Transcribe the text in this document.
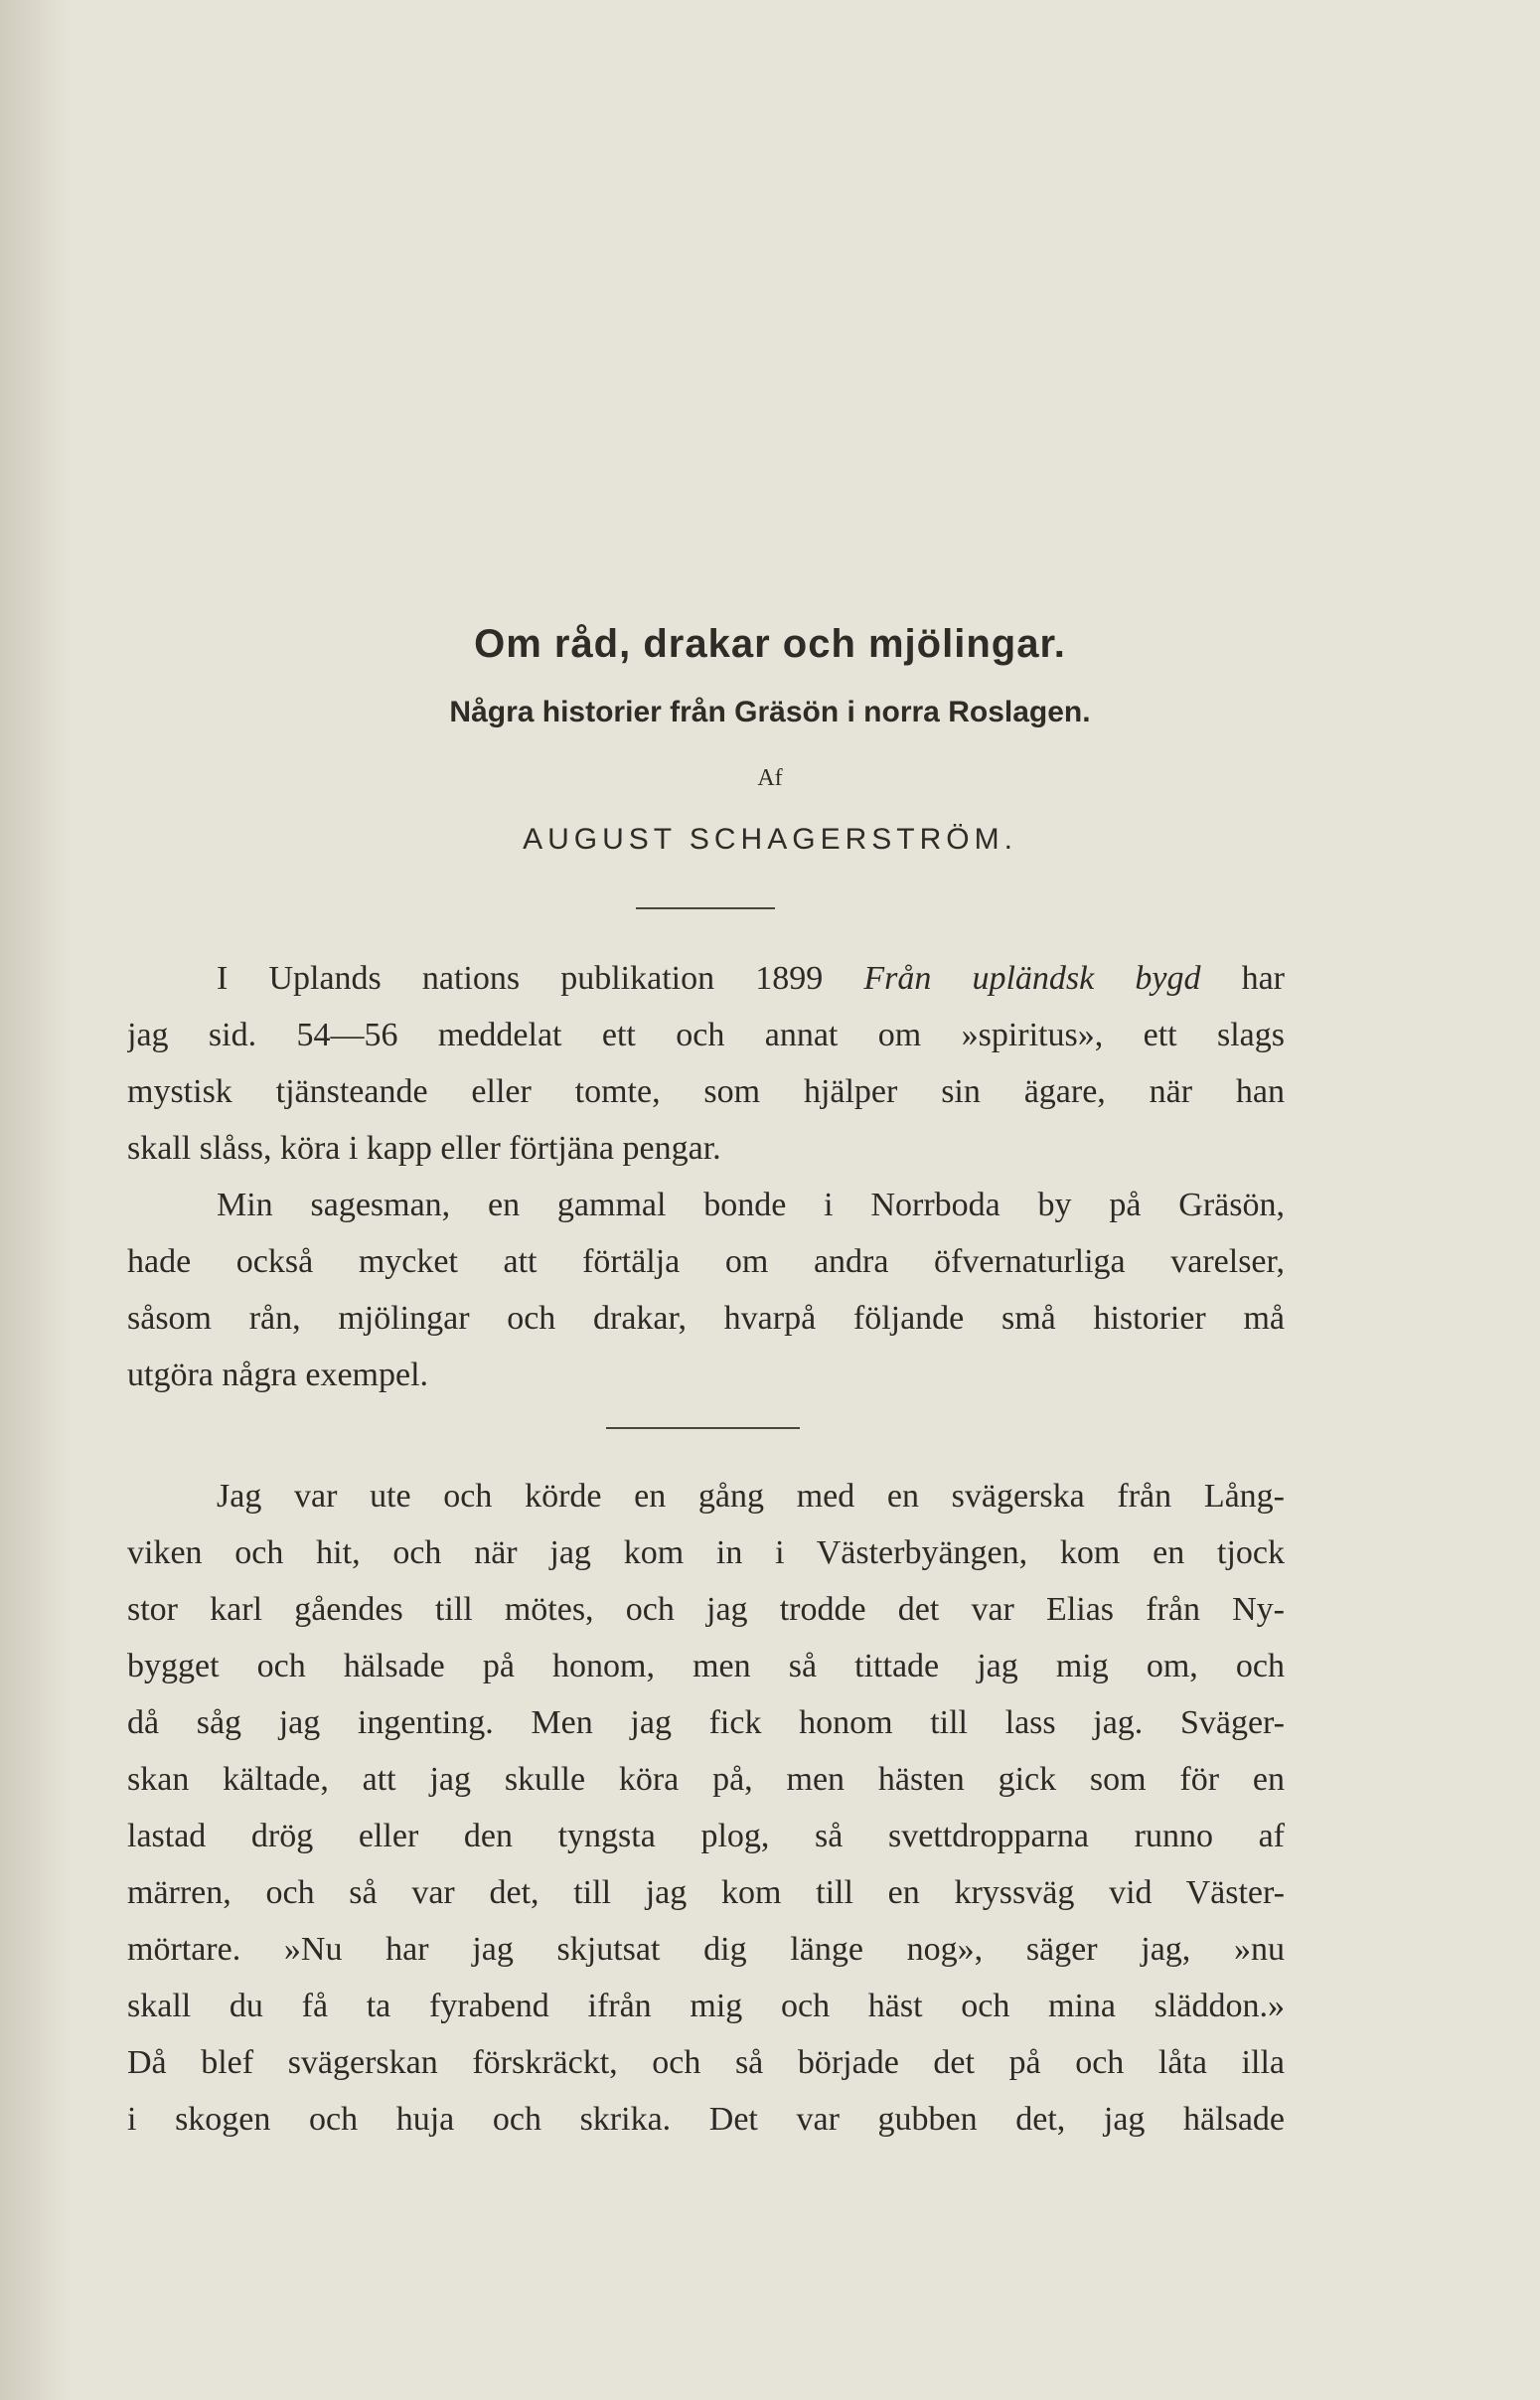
Om råd, drakar och mjölingar.
Några historier från Gräsön i norra Roslagen.
Af
AUGUST SCHAGERSTRÖM.
I Uplands nations publikation 1899 Från upländsk bygd har
jag sid. 54—56 meddelat ett och annat om »spiritus», ett slags
mystisk tjänsteande eller tomte, som hjälper sin ägare, när han
skall slåss, köra i kapp eller förtjäna pengar.
Min sagesman, en gammal bonde i Norrboda by på Gräsön,
hade också mycket att förtälja om andra öfvernaturliga varelser,
såsom rån, mjölingar och drakar, hvarpå följande små historier må
utgöra några exempel.
Jag var ute och körde en gång med en svägerska från Lång-
viken och hit, och när jag kom in i Västerbyängen, kom en tjock
stor karl gåendes till mötes, och jag trodde det var Elias från Ny-
bygget och hälsade på honom, men så tittade jag mig om, och
då såg jag ingenting. Men jag fick honom till lass jag. Sväger-
skan kältade, att jag skulle köra på, men hästen gick som för en
lastad drög eller den tyngsta plog, så svettdropparna runno af
märren, och så var det, till jag kom till en kryssväg vid Väster-
mörtare. »Nu har jag skjutsat dig länge nog», säger jag, »nu
skall du få ta fyrabend ifrån mig och häst och mina släddon.»
Då blef svägerskan förskräckt, och så började det på och låta illa
i skogen och huja och skrika. Det var gubben det, jag hälsade
